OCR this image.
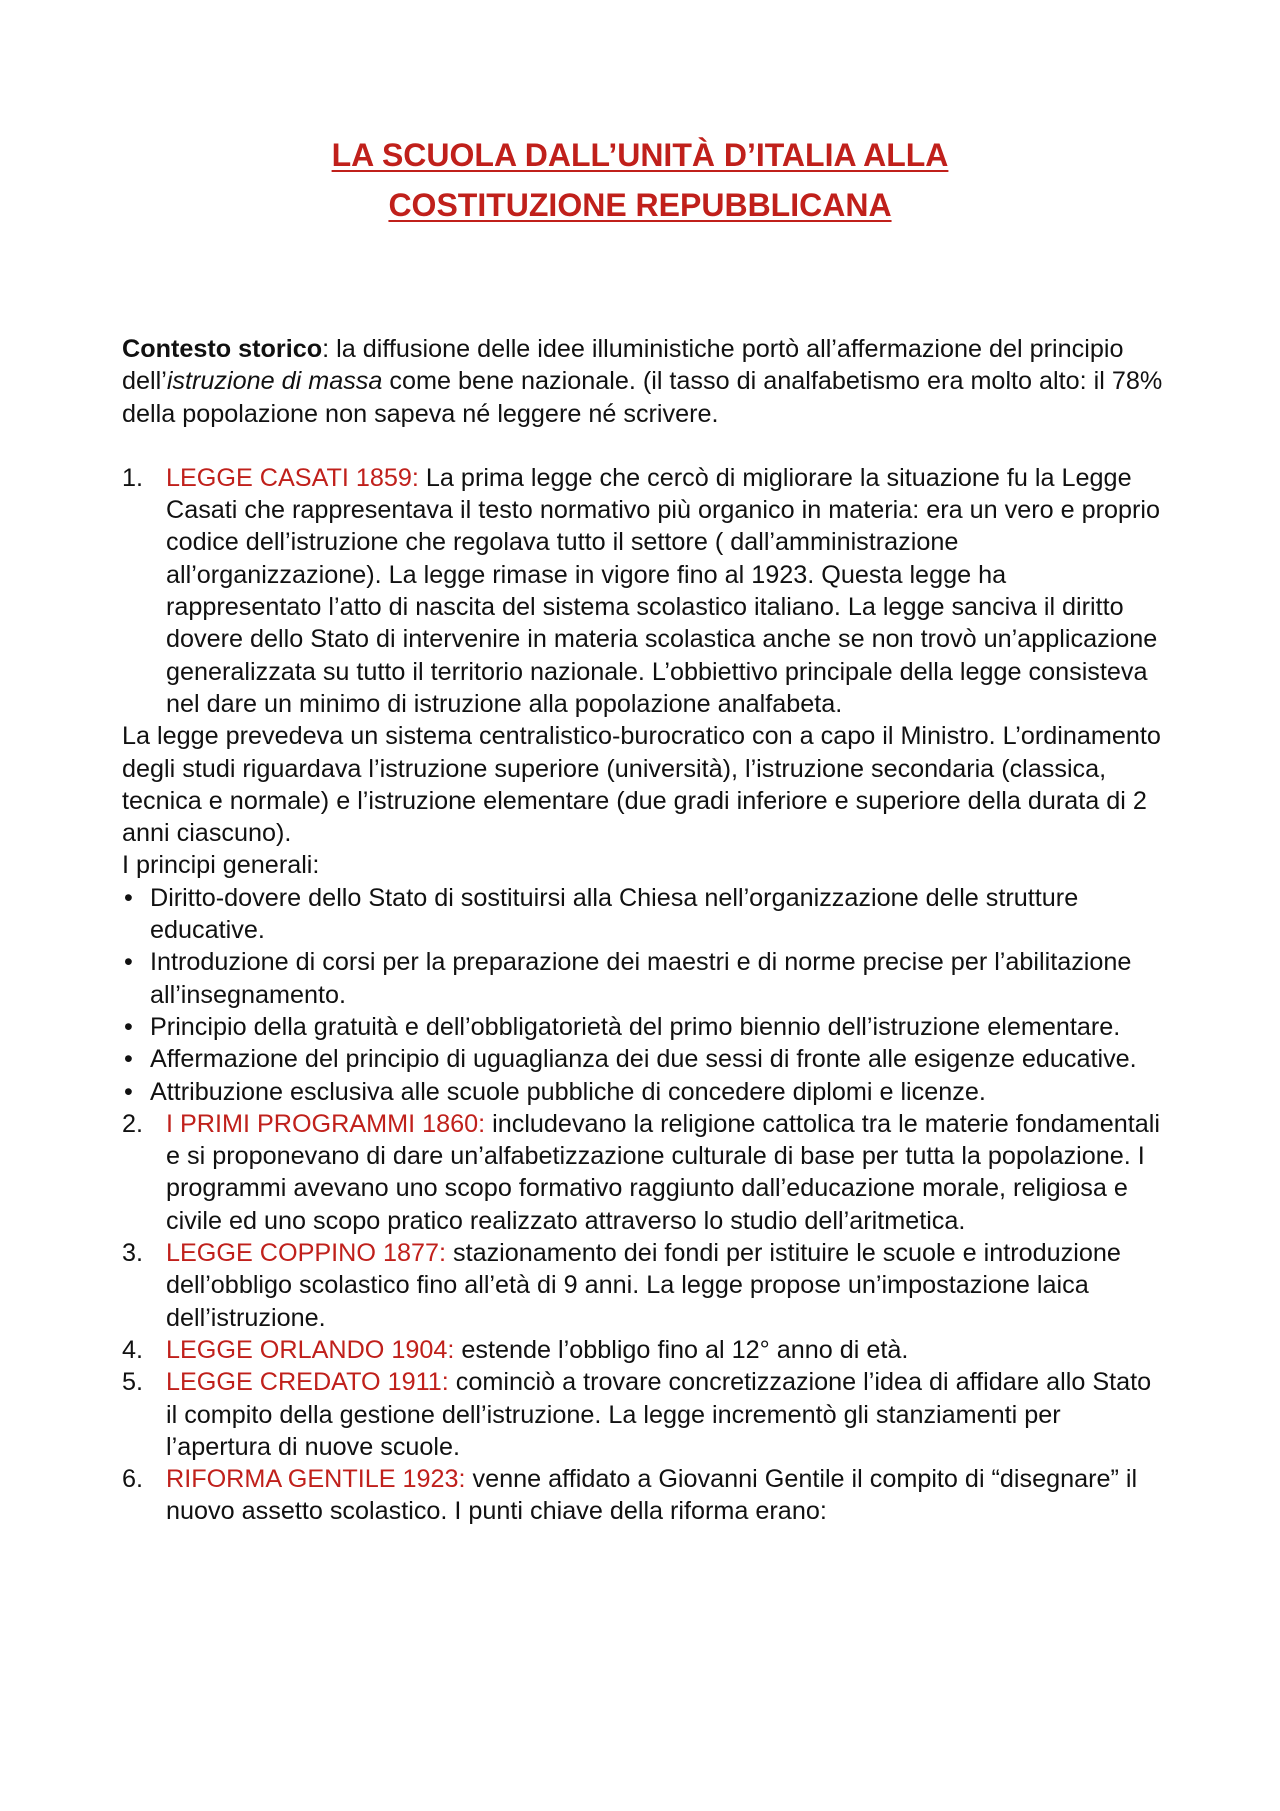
LA SCUOLA DALL’UNITÀ D’ITALIA ALLA
COSTITUZIONE REPUBBLICANA

Contesto storico: la diffusione delle idee illuministiche portò all’affermazione del principio dell’istruzione di massa come bene nazionale. (il tasso di analfabetismo era molto alto: il 78% della popolazione non sapeva né leggere né scrivere.

1. LEGGE CASATI 1859: La prima legge che cercò di migliorare la situazione fu la Legge Casati che rappresentava il testo normativo più organico in materia: era un vero e proprio codice dell’istruzione che regolava tutto il settore ( dall’amministrazione all’organizzazione). La legge rimase in vigore fino al 1923. Questa legge ha rappresentato l’atto di nascita del sistema scolastico italiano. La legge sanciva il diritto dovere dello Stato di intervenire in materia scolastica anche se non trovò un’applicazione generalizzata su tutto il territorio nazionale. L’obbiettivo principale della legge consisteva nel dare un minimo di istruzione alla popolazione analfabeta.

La legge prevedeva un sistema centralistico-burocratico con a capo il Ministro. L’ordinamento degli studi riguardava l’istruzione superiore (università), l’istruzione secondaria (classica, tecnica e normale) e l’istruzione elementare (due gradi inferiore e superiore della durata di 2 anni ciascuno).

I principi generali:

• Diritto-dovere dello Stato di sostituirsi alla Chiesa nell’organizzazione delle strutture educative.
• Introduzione di corsi per la preparazione dei maestri e di norme precise per l’abilitazione all’insegnamento.
• Principio della gratuità e dell’obbligatorietà del primo biennio dell’istruzione elementare.
• Affermazione del principio di uguaglianza dei due sessi di fronte alle esigenze educative.
• Attribuzione esclusiva alle scuole pubbliche di concedere diplomi e licenze.
2. I PRIMI PROGRAMMI 1860: includevano la religione cattolica tra le materie fondamentali e si proponevano di dare un’alfabetizzazione culturale di base per tutta la popolazione. I programmi avevano uno scopo formativo raggiunto dall’educazione morale, religiosa e civile ed uno scopo pratico realizzato attraverso lo studio dell’aritmetica.
3. LEGGE COPPINO 1877: stazionamento dei fondi per istituire le scuole e introduzione dell’obbligo scolastico fino all’età di 9 anni. La legge propose un’impostazione laica dell’istruzione.
4. LEGGE ORLANDO 1904: estende l’obbligo fino al 12° anno di età.
5. LEGGE CREDATO 1911: cominciò a trovare concretizzazione l’idea di affidare allo Stato il compito della gestione dell’istruzione. La legge incrementò gli stanziamenti per l’apertura di nuove scuole.
6. RIFORMA GENTILE 1923: venne affidato a Giovanni Gentile il compito di “disegnare” il nuovo assetto scolastico. I punti chiave della riforma erano:
